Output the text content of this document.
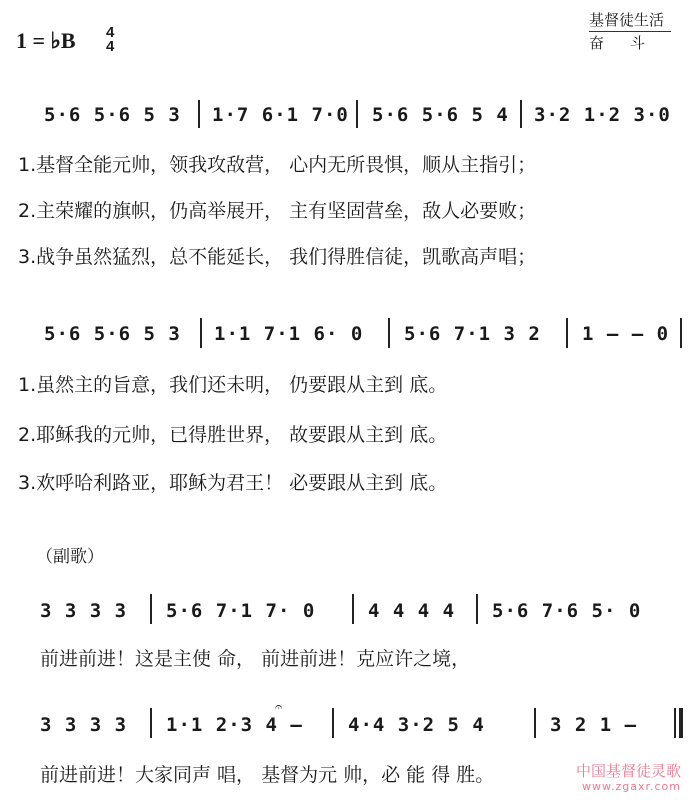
1 = ♭B 4
4
基督徒生活
奋斗
5·6 5·6 5 3 1·7 6·1 7·0 5·6 5·6 5 4 3·2 1·2 3·0
1.基督全能元帅，领我攻敌营， 心内无所畏惧，顺从主指引；
2.主荣耀的旗帜，仍高举展开， 主有坚固营垒，敌人必要败；
3.战争虽然猛烈，总不能延长， 我们得胜信徒，凯歌高声唱；
5·6 5·6 5 3 1·1 7·1 6· 0 5·6 7·1 3 2 1 – – 0
1.虽然主的旨意，我们还未明， 仍要跟从主到 底。
2.耶稣我的元帅，已得胜世界， 故要跟从主到 底。
3.欢呼哈利路亚，耶稣为君王！ 必要跟从主到 底。
（副歌）
3 3 3 3 5·6 7·1 7· 0	4 4 4 4 5·6 7·6 5· 0
前进前进！这是主使 命， 前进前进！克应许之境，
3 3 3 3 1·1 2·3 4 –
𝄐
4·4 3·2 5 4	3 2 1 –
前进前进！大家同声 唱， 基督为元 帅，必 能 得 胜。	中国基督徒灵歌
www.zgaxr.com
